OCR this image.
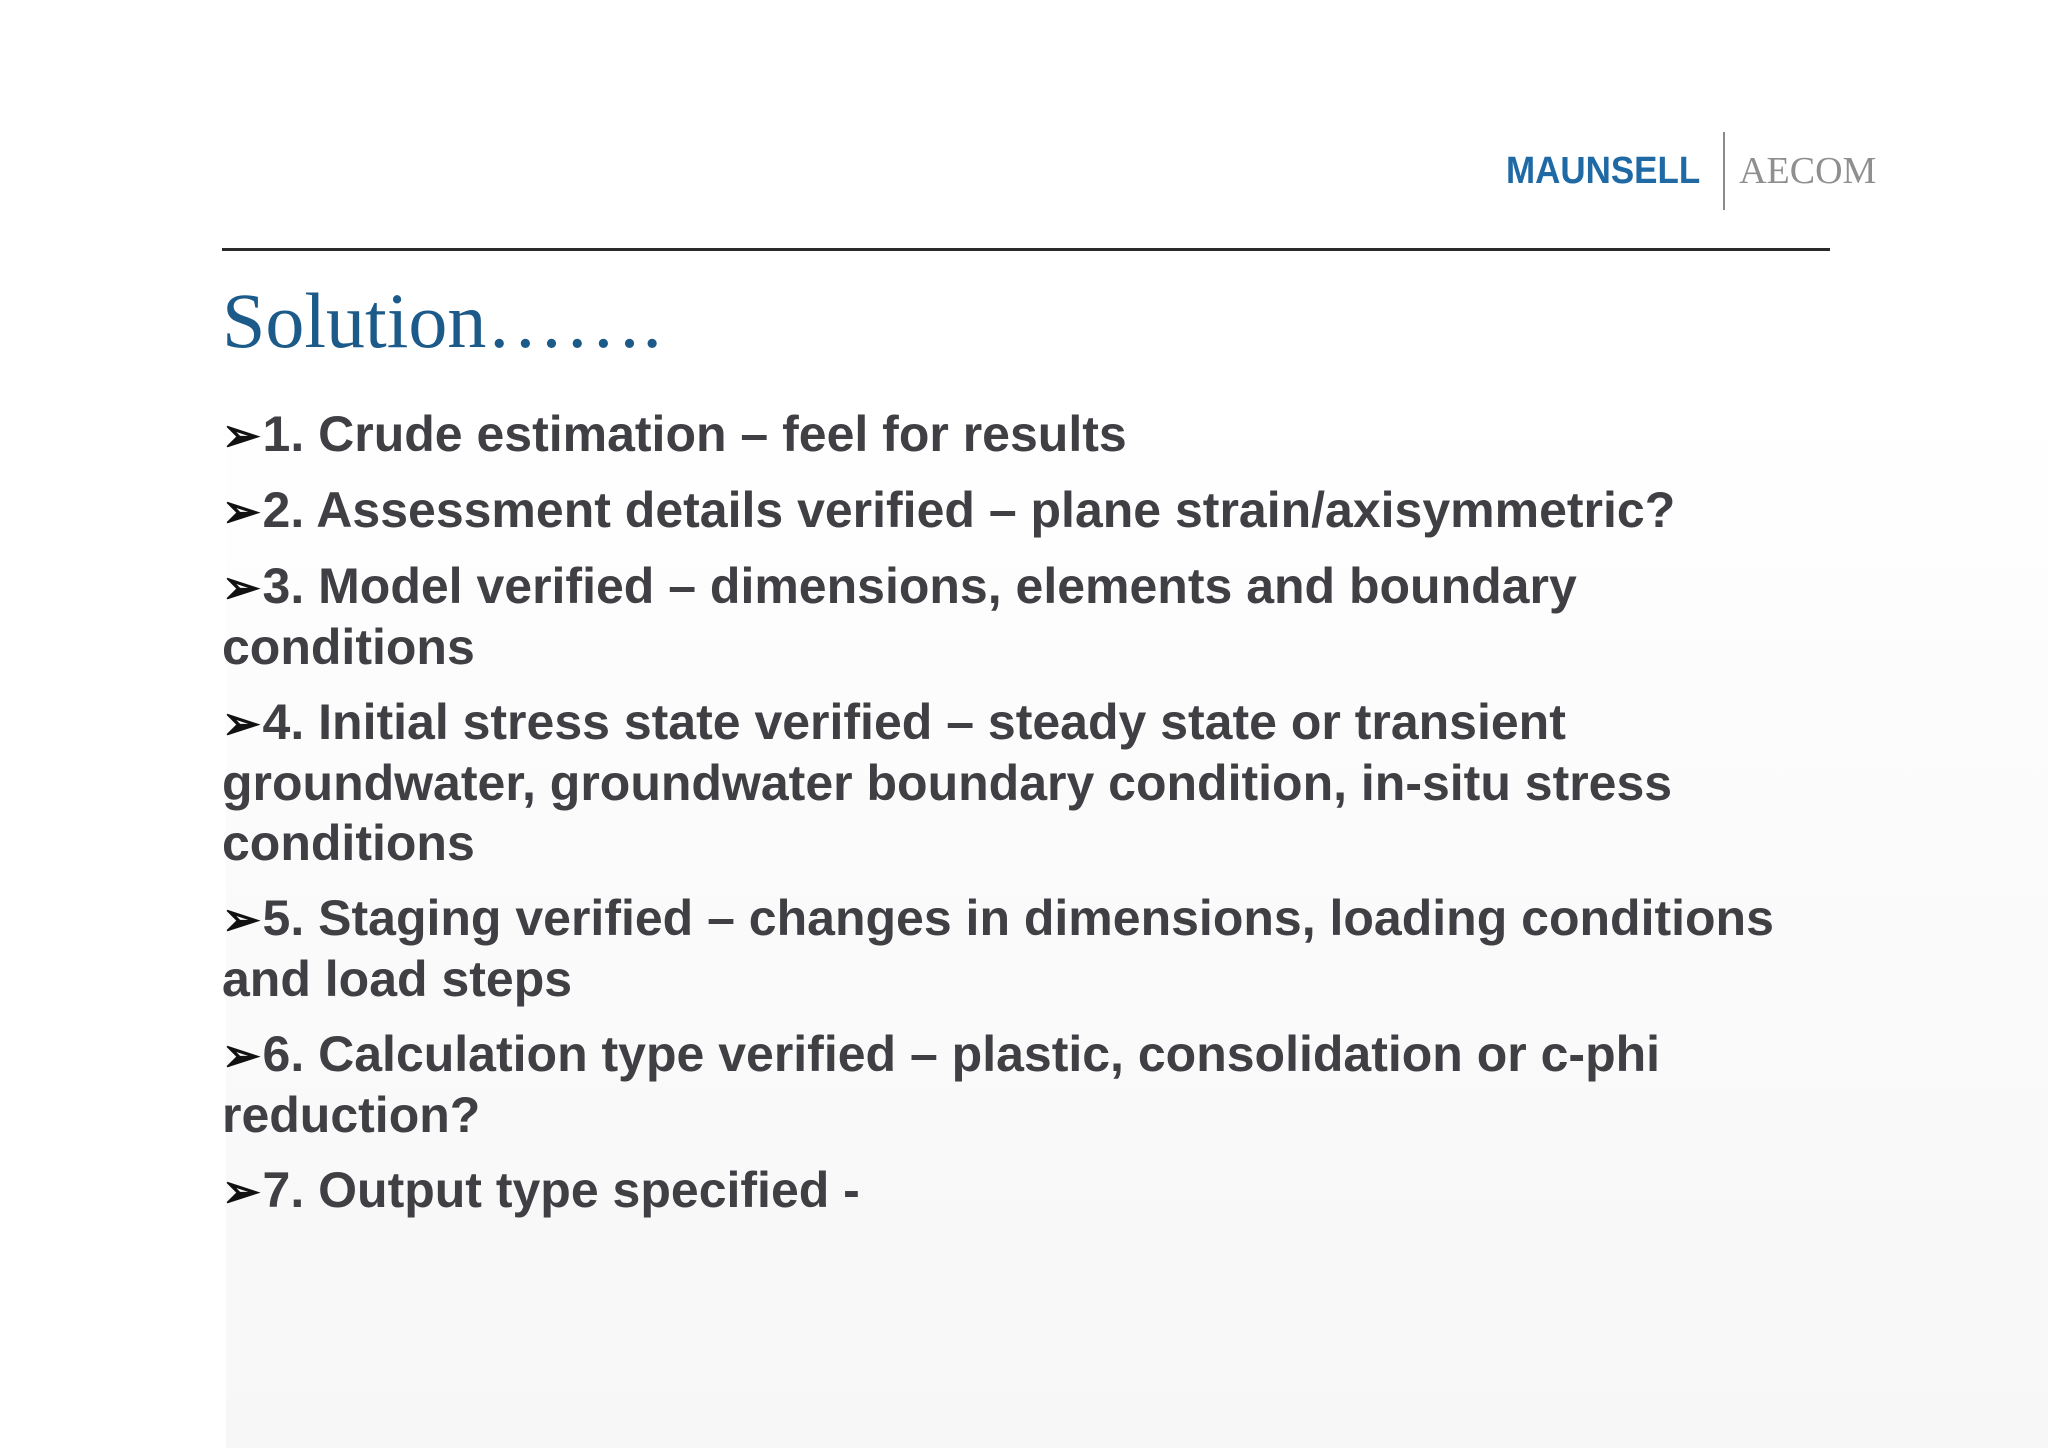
MAUNSELL AECOM
Solution…….
➢1. Crude estimation – feel for results
➢2. Assessment details verified – plane strain/axisymmetric?
➢3. Model verified – dimensions, elements and boundary conditions
➢4. Initial stress state verified – steady state or transient groundwater, groundwater boundary condition, in-situ stress conditions
➢5. Staging verified – changes in dimensions, loading conditions and load steps
➢6. Calculation type verified – plastic, consolidation or c-phi reduction?
➢7. Output type specified -
